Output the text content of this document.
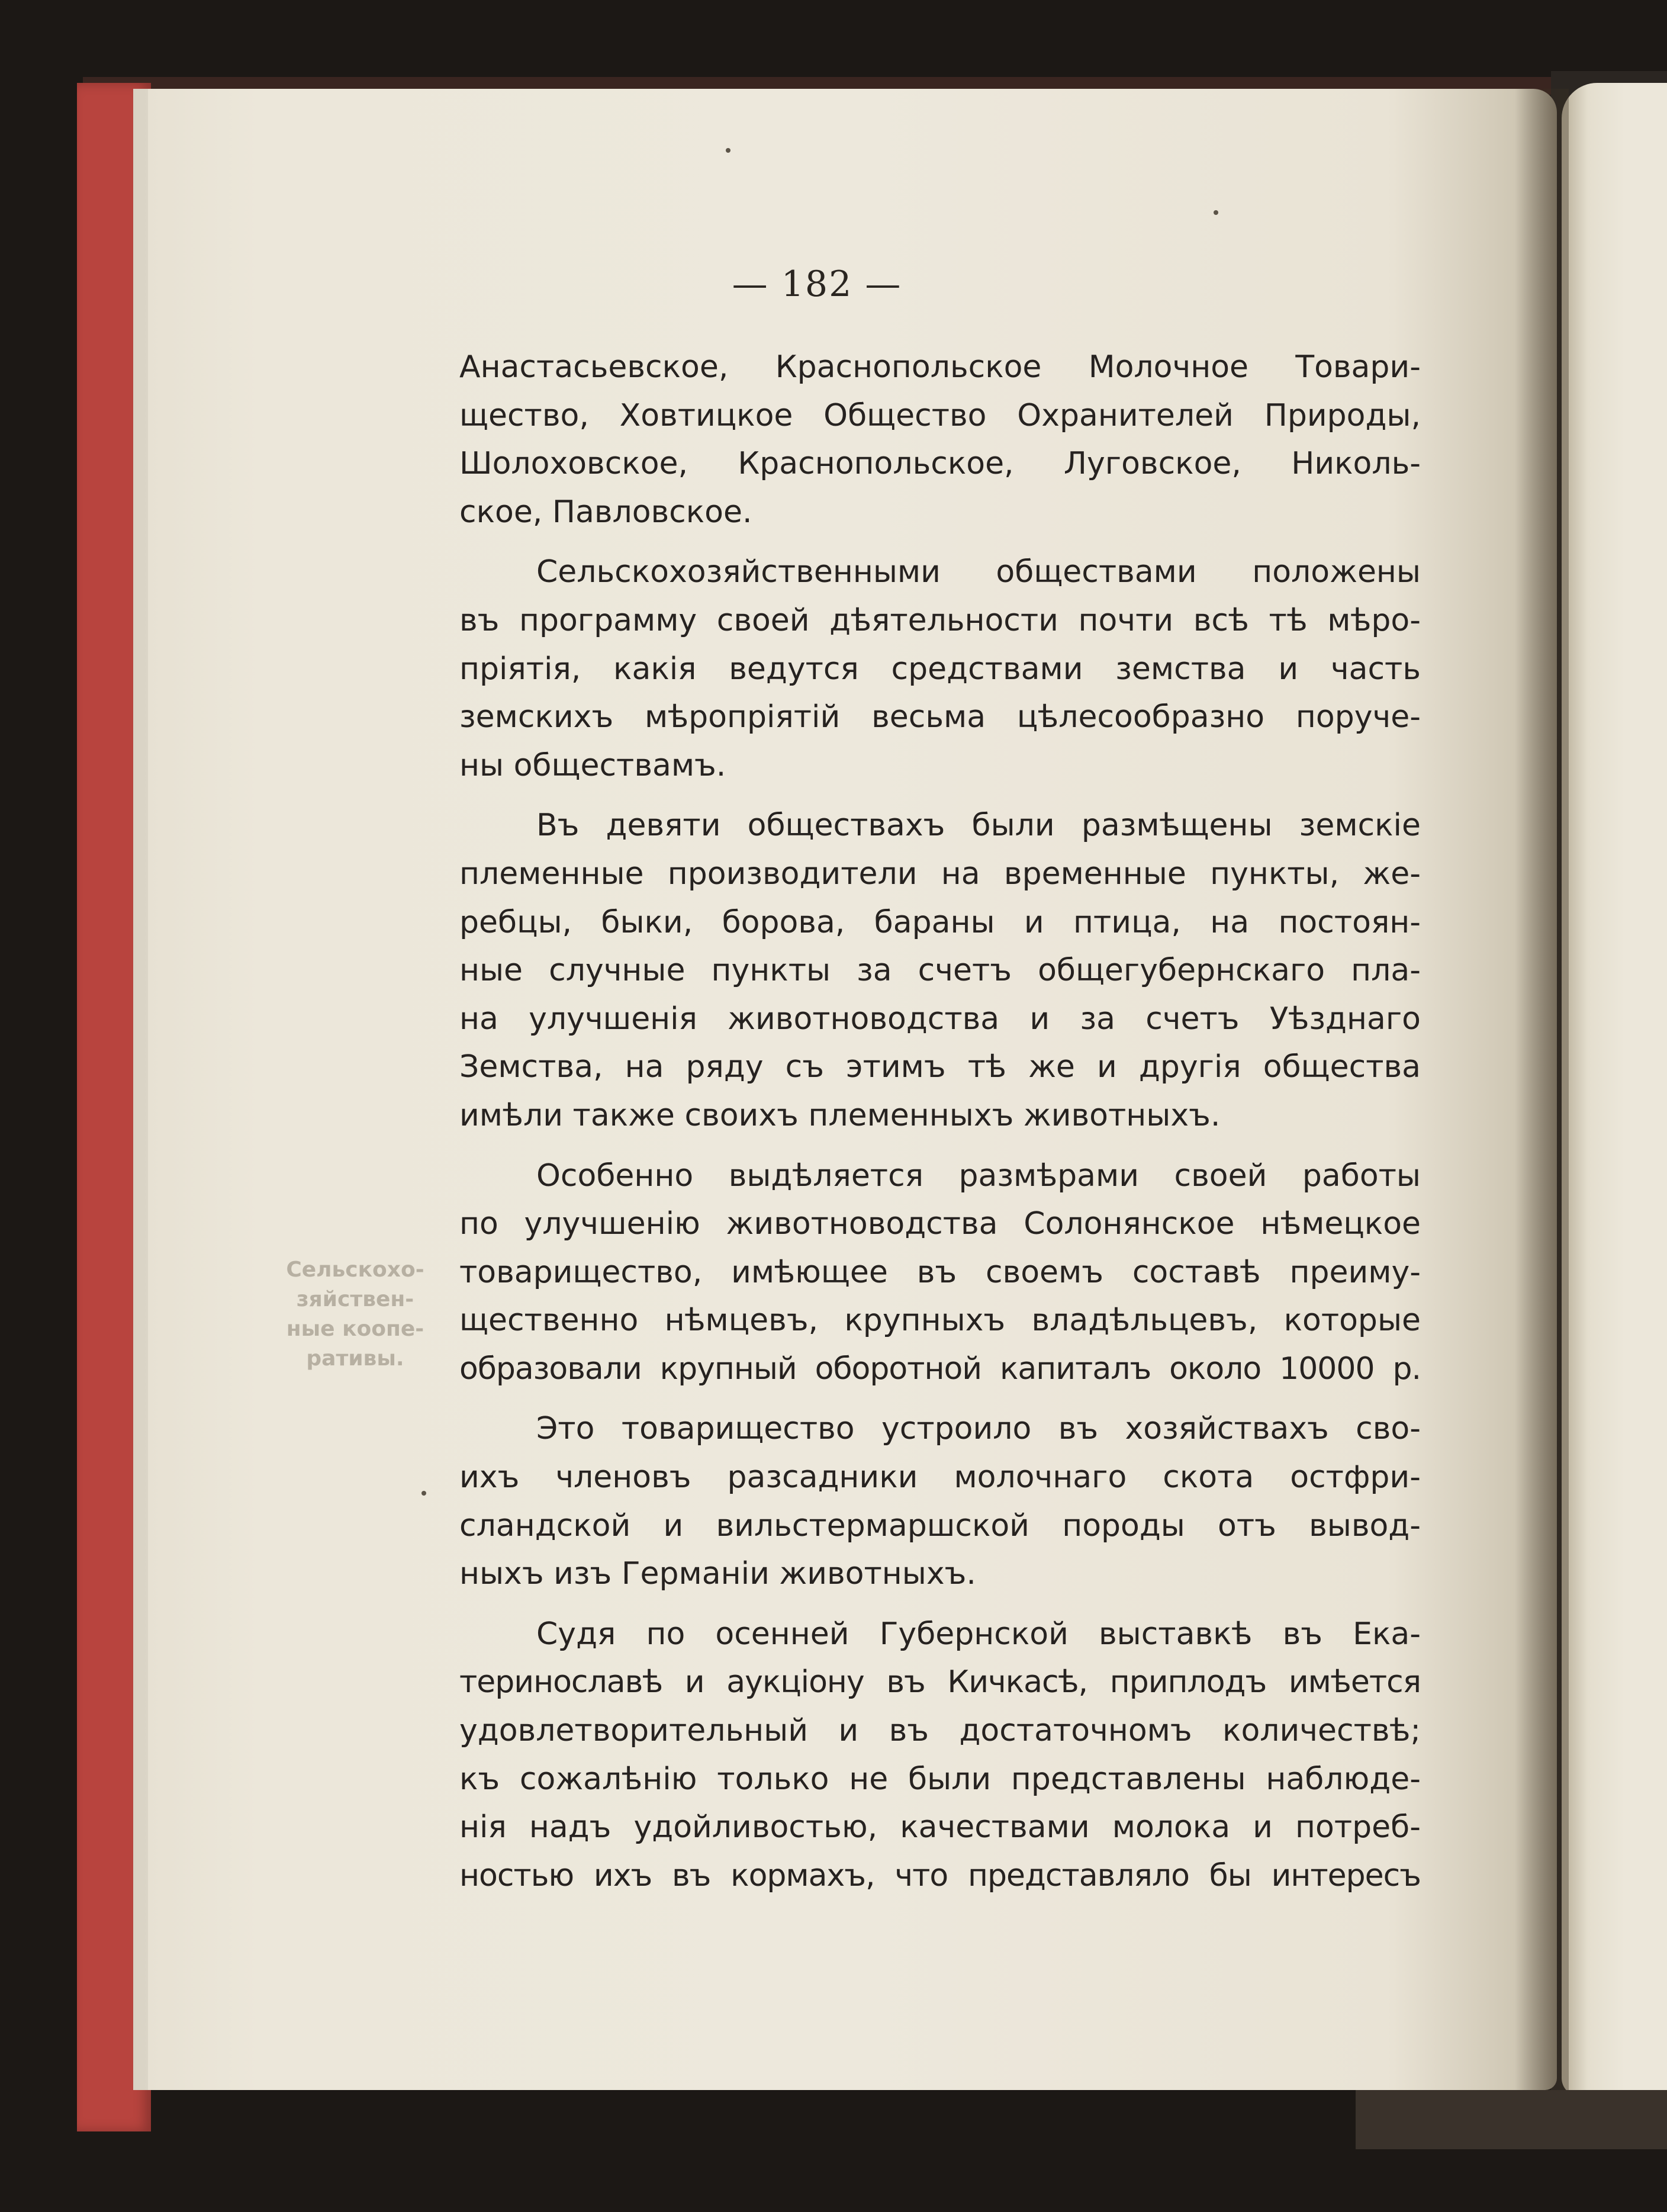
— 182 —
Сельскохо-
зяйствен-
ные коопе-
ративы.
Анастасьевское, Краснопольское Молочное Товари-
щество, Ховтицкое Общество Охранителей Природы,
Шолоховское, Краснопольское, Луговское, Николь-
ское, Павловское.
Сельскохозяйственными обществами положены
въ программу своей дѣятельности почти всѣ тѣ мѣро-
пріятія, какія ведутся средствами земства и часть
земскихъ мѣропріятій весьма цѣлесообразно поруче-
ны обществамъ.
Въ девяти обществахъ были размѣщены земскіе
племенные производители на временные пункты, же-
ребцы, быки, борова, бараны и птица, на постоян-
ные случные пункты за счетъ общегубернскаго пла-
на улучшенія животноводства и за счетъ Уѣзднаго
Земства, на ряду съ этимъ тѣ же и другія общества
имѣли также своихъ племенныхъ животныхъ.
Особенно выдѣляется размѣрами своей работы
по улучшенію животноводства Солонянское нѣмецкое
товарищество, имѣющее въ своемъ составѣ преиму-
щественно нѣмцевъ, крупныхъ владѣльцевъ, которые
образовали крупный оборотной капиталъ около 10000 р.
Это товарищество устроило въ хозяйствахъ сво-
ихъ членовъ разсадники молочнаго скота остфри-
сландской и вильстермаршской породы отъ вывод-
ныхъ изъ Германіи животныхъ.
Судя по осенней Губернской выставкѣ въ Ека-
теринославѣ и аукціону въ Кичкасѣ, приплодъ имѣется
удовлетворительный и въ достаточномъ количествѣ;
къ сожалѣнію только не были представлены наблюде-
нія надъ удойливостью, качествами молока и потреб-
ностью ихъ въ кормахъ, что представляло бы интересъ
